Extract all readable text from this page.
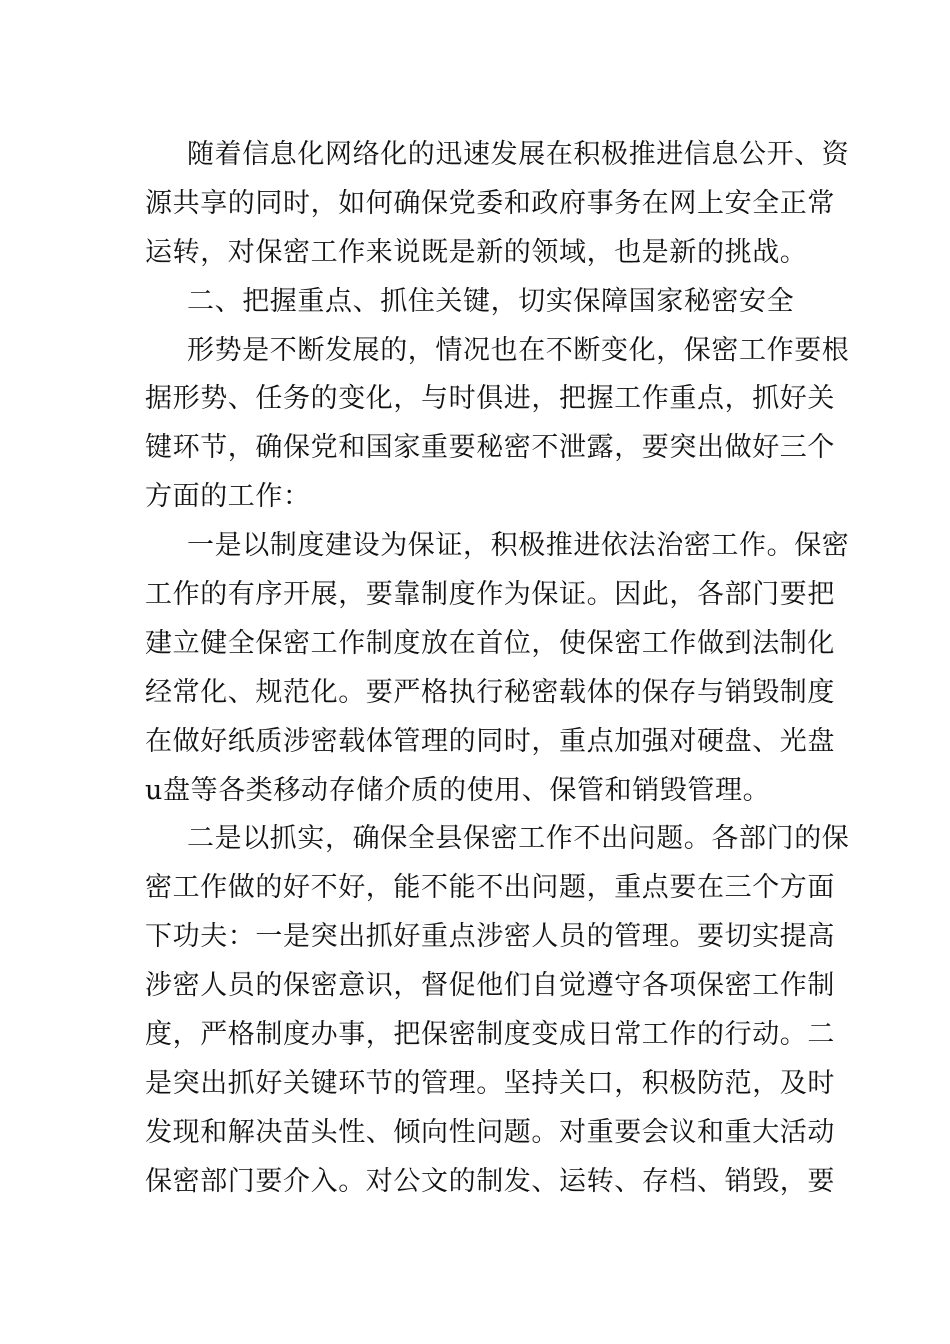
随着信息化网络化的迅速发展在积极推进信息公开、资
源共享的同时，如何确保党委和政府事务在网上安全正常
运转，对保密工作来说既是新的领域，也是新的挑战。
二、把握重点、抓住关键，切实保障国家秘密安全
形势是不断发展的，情况也在不断变化，保密工作要根
据形势、任务的变化，与时俱进，把握工作重点，抓好关
键环节，确保党和国家重要秘密不泄露，要突出做好三个
方面的工作：
一是以制度建设为保证，积极推进依法治密工作。保密
工作的有序开展，要靠制度作为保证。因此，各部门要把
建立健全保密工作制度放在首位，使保密工作做到法制化
经常化、规范化。要严格执行秘密载体的保存与销毁制度
在做好纸质涉密载体管理的同时，重点加强对硬盘、光盘
u盘等各类移动存储介质的使用、保管和销毁管理。
二是以抓实，确保全县保密工作不出问题。各部门的保
密工作做的好不好，能不能不出问题，重点要在三个方面
下功夫：一是突出抓好重点涉密人员的管理。要切实提高
涉密人员的保密意识，督促他们自觉遵守各项保密工作制
度，严格制度办事，把保密制度变成日常工作的行动。二
是突出抓好关键环节的管理。坚持关口，积极防范，及时
发现和解决苗头性、倾向性问题。对重要会议和重大活动
保密部门要介入。对公文的制发、运转、存档、销毁，要
